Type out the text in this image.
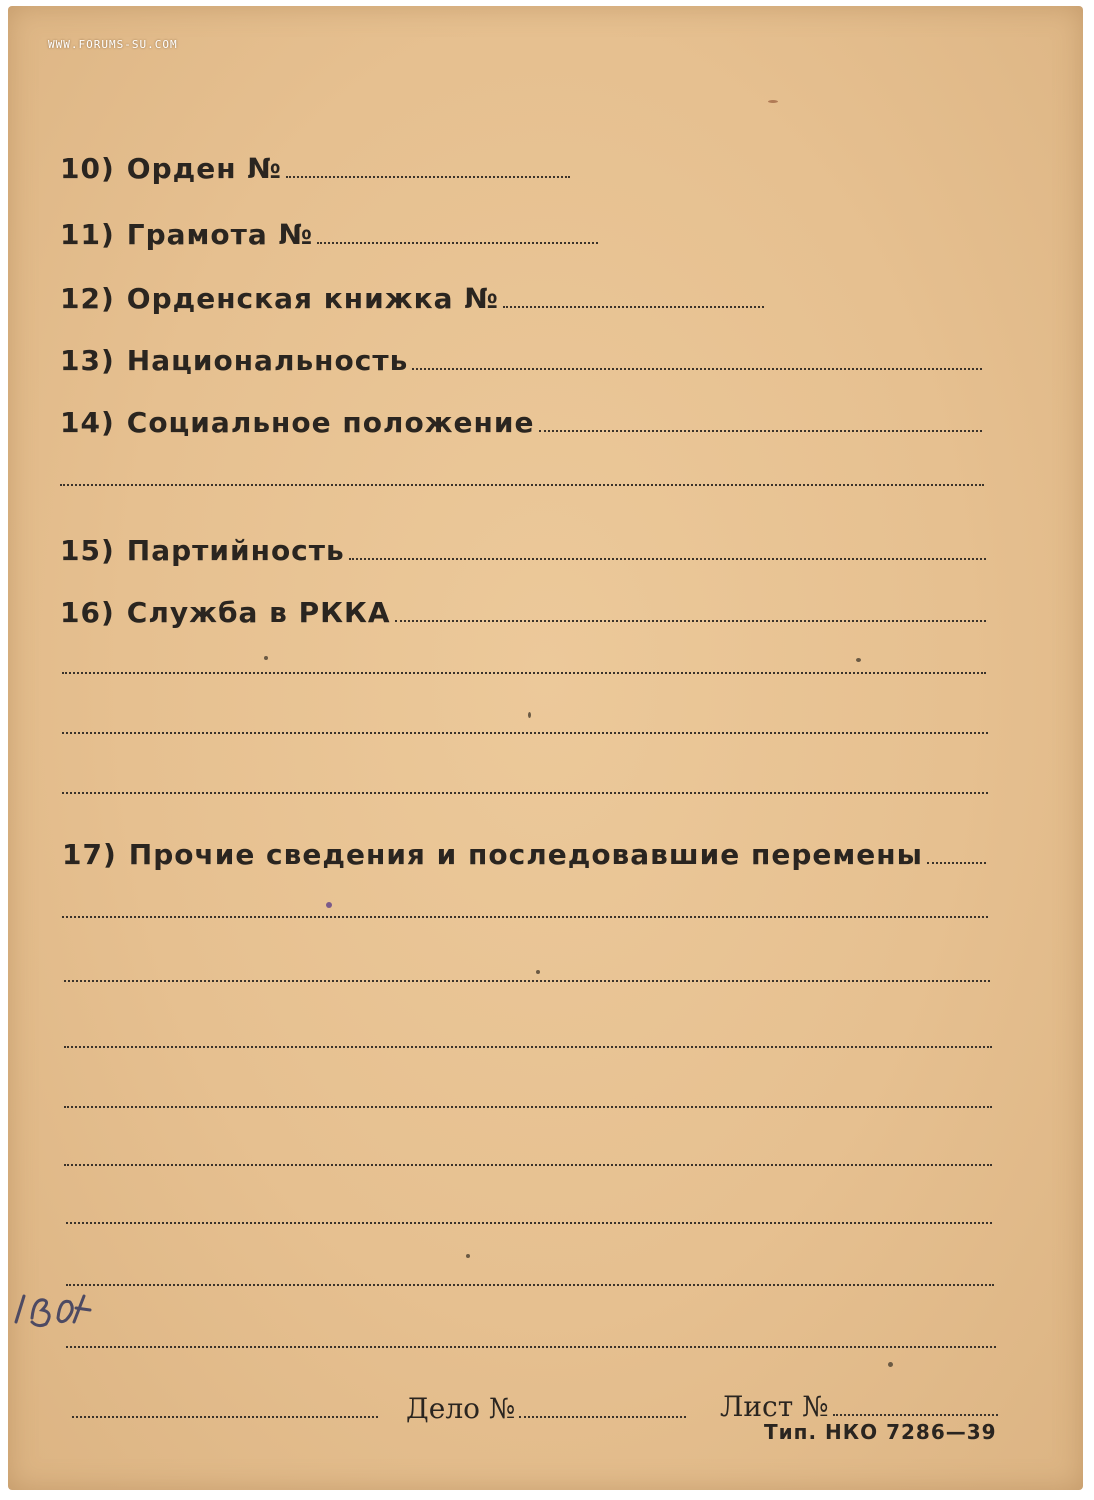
WWW.FORUMS-SU.COM
10) Орден №
11) Грамота №
12) Орденская книжка №
13) Национальность
14) Социальное положение
15) Партийность
16) Служба в РККА
17) Прочие сведения и последовавшие перемены
Дело №	Лист №
Тип. НКО 7286—39
